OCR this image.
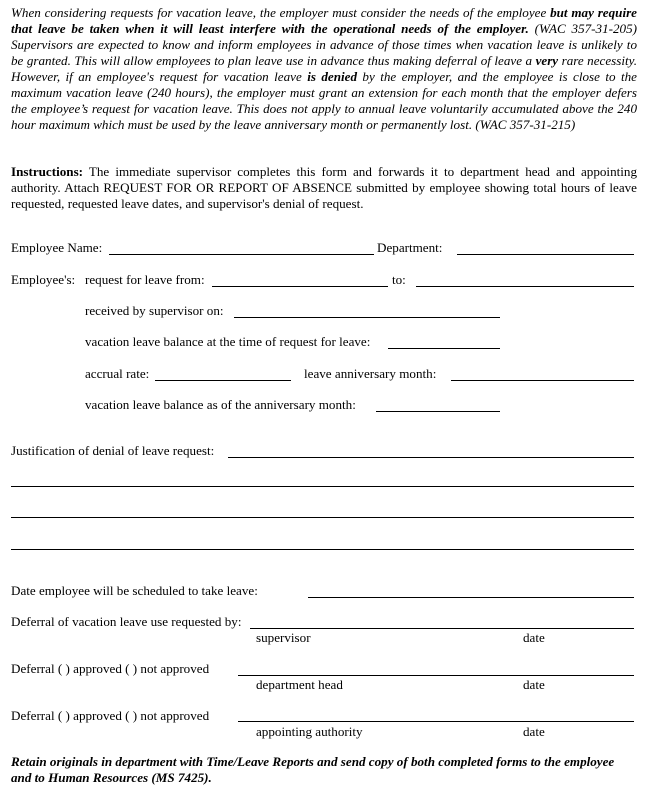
When considering requests for vacation leave, the employer must consider the needs of the employee but may require that leave be taken when it will least interfere with the operational needs of the employer. (WAC 357-31-205) Supervisors are expected to know and inform employees in advance of those times when vacation leave is unlikely to be granted. This will allow employees to plan leave use in advance thus making deferral of leave a very rare necessity. However, if an employee's request for vacation leave is denied by the employer, and the employee is close to the maximum vacation leave (240 hours), the employer must grant an extension for each month that the employer defers the employee’s request for vacation leave. This does not apply to annual leave voluntarily accumulated above the 240 hour maximum which must be used by the leave anniversary month or permanently lost. (WAC 357-31-215)

Instructions: The immediate supervisor completes this form and forwards it to department head and appointing authority. Attach REQUEST FOR OR REPORT OF ABSENCE submitted by employee showing total hours of leave requested, requested leave dates, and supervisor's denial of request.

Employee Name:	Department:
Employee's: request for leave from:	to:
received by supervisor on:
vacation leave balance at the time of request for leave:
accrual rate:	leave anniversary month:
vacation leave balance as of the anniversary month:
Justification of denial of leave request:
Date employee will be scheduled to take leave:
Deferral of vacation leave use requested by:
supervisor	date
Deferral ( ) approved ( ) not approved
department head	date
Deferral ( ) approved ( ) not approved
appointing authority	date

Retain originals in department with Time/Leave Reports and send copy of both completed forms to the employee and to Human Resources (MS 7425).
